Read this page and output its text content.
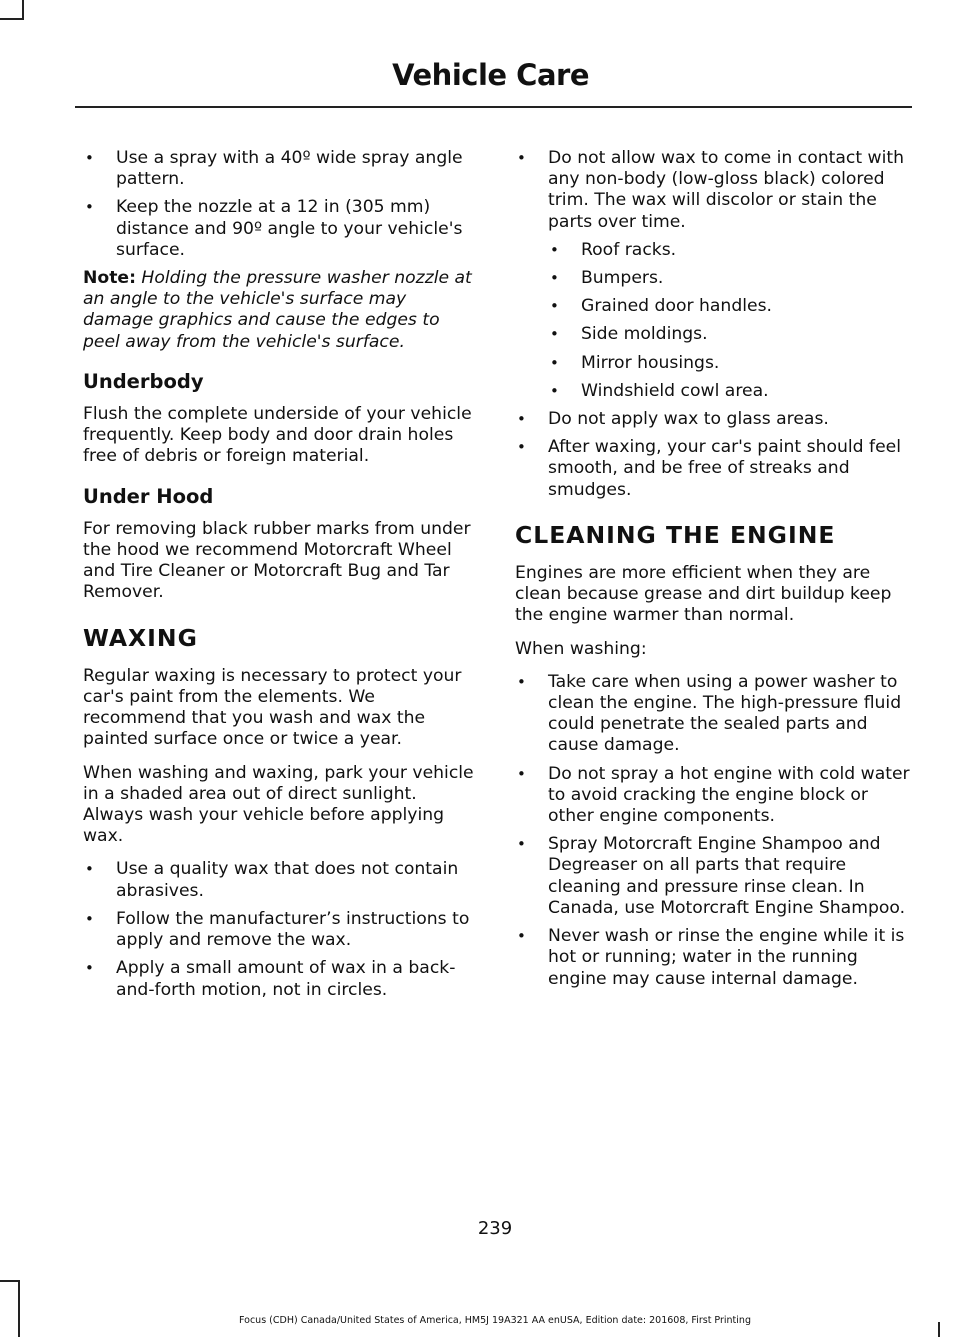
Vehicle Care
• Use a spray with a 40º wide spray angle pattern.
• Keep the nozzle at a 12 in (305 mm) distance and 90º angle to your vehicle's surface.

Note: Holding the pressure washer nozzle at an angle to the vehicle's surface may damage graphics and cause the edges to peel away from the vehicle's surface.

Underbody

Flush the complete underside of your vehicle frequently. Keep body and door drain holes free of debris or foreign material.

Under Hood

For removing black rubber marks from under the hood we recommend Motorcraft Wheel and Tire Cleaner or Motorcraft Bug and Tar Remover.

WAXING

Regular waxing is necessary to protect your car's paint from the elements. We recommend that you wash and wax the painted surface once or twice a year.

When washing and waxing, park your vehicle in a shaded area out of direct sunlight. Always wash your vehicle before applying wax.

• Use a quality wax that does not contain abrasives.
• Follow the manufacturer’s instructions to apply and remove the wax.
• Apply a small amount of wax in a back-and-forth motion, not in circles.
• Do not allow wax to come in contact with any non-body (low-gloss black) colored trim. The wax will discolor or stain the parts over time.
• Roof racks.
• Bumpers.
• Grained door handles.
• Side moldings.
• Mirror housings.
• Windshield cowl area.
• Do not apply wax to glass areas.
• After waxing, your car's paint should feel smooth, and be free of streaks and smudges.
CLEANING THE ENGINE

Engines are more efficient when they are clean because grease and dirt buildup keep the engine warmer than normal.

When washing:

• Take care when using a power washer to clean the engine. The high-pressure fluid could penetrate the sealed parts and cause damage.
• Do not spray a hot engine with cold water to avoid cracking the engine block or other engine components.
• Spray Motorcraft Engine Shampoo and Degreaser on all parts that require cleaning and pressure rinse clean. In Canada, use Motorcraft Engine Shampoo.
• Never wash or rinse the engine while it is hot or running; water in the running engine may cause internal damage.

239

Focus (CDH) Canada/United States of America, HM5J 19A321 AA enUSA, Edition date: 201608, First Printing
